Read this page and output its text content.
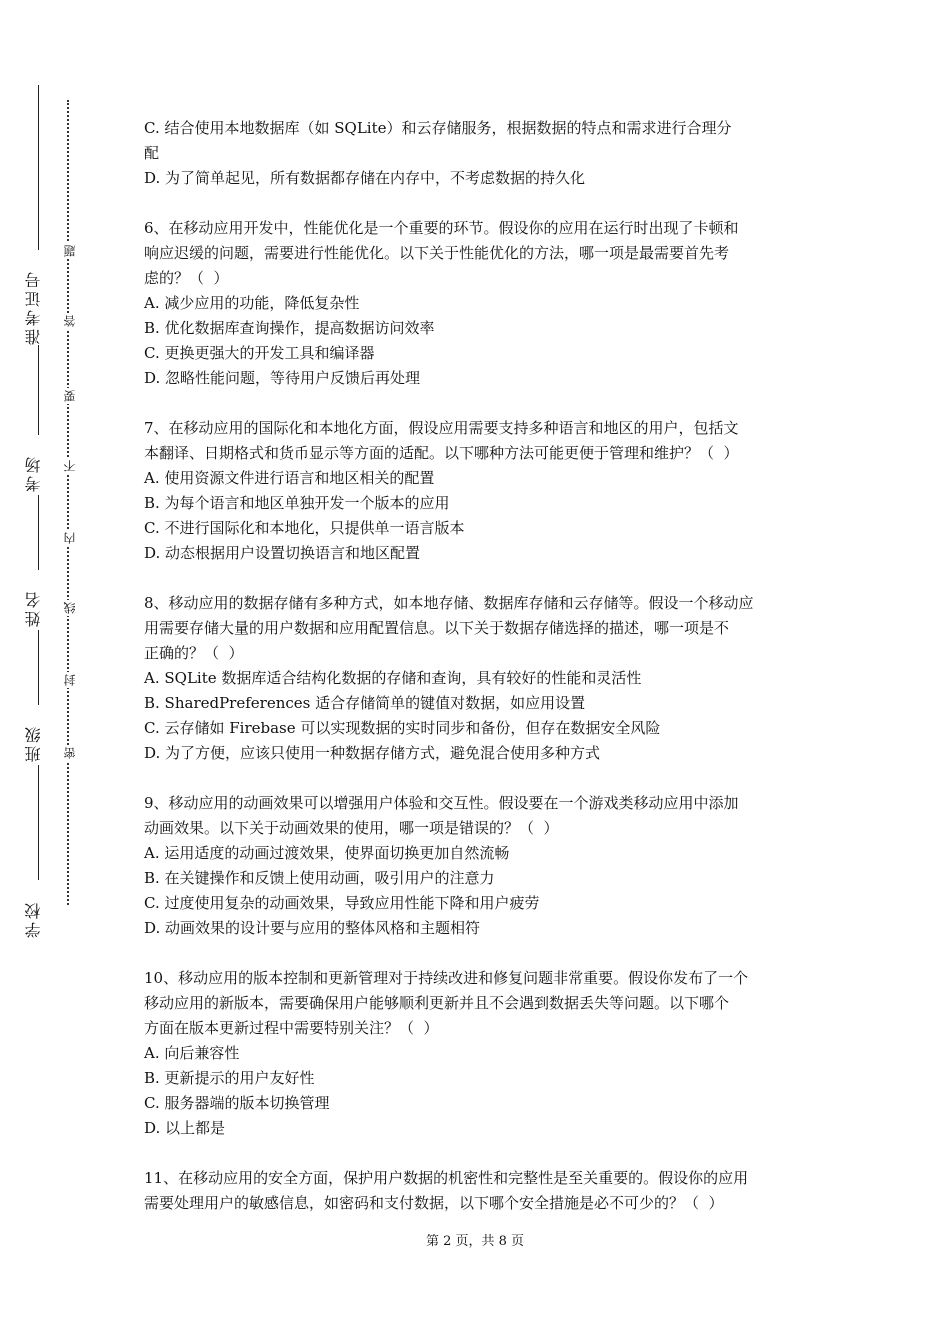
准考证号
考场
姓名
班级
学校
题
答
要
不
内
线
封
密
C. 结合使用本地数据库（如 SQLite）和云存储服务，根据数据的特点和需求进行合理分
配
D. 为了简单起见，所有数据都存储在内存中，不考虑数据的持久化
6、在移动应用开发中，性能优化是一个重要的环节。假设你的应用在运行时出现了卡顿和
响应迟缓的问题，需要进行性能优化。以下关于性能优化的方法，哪一项是最需要首先考
虑的？（  ）
A. 减少应用的功能，降低复杂性
B. 优化数据库查询操作，提高数据访问效率
C. 更换更强大的开发工具和编译器
D. 忽略性能问题，等待用户反馈后再处理
7、在移动应用的国际化和本地化方面，假设应用需要支持多种语言和地区的用户，包括文
本翻译、日期格式和货币显示等方面的适配。以下哪种方法可能更便于管理和维护？（  ）
A. 使用资源文件进行语言和地区相关的配置
B. 为每个语言和地区单独开发一个版本的应用
C. 不进行国际化和本地化，只提供单一语言版本
D. 动态根据用户设置切换语言和地区配置
8、移动应用的数据存储有多种方式，如本地存储、数据库存储和云存储等。假设一个移动应
用需要存储大量的用户数据和应用配置信息。以下关于数据存储选择的描述，哪一项是不
正确的？（  ）
A. SQLite 数据库适合结构化数据的存储和查询，具有较好的性能和灵活性
B. SharedPreferences 适合存储简单的键值对数据，如应用设置
C. 云存储如 Firebase 可以实现数据的实时同步和备份，但存在数据安全风险
D. 为了方便，应该只使用一种数据存储方式，避免混合使用多种方式
9、移动应用的动画效果可以增强用户体验和交互性。假设要在一个游戏类移动应用中添加
动画效果。以下关于动画效果的使用，哪一项是错误的？（  ）
A. 运用适度的动画过渡效果，使界面切换更加自然流畅
B. 在关键操作和反馈上使用动画，吸引用户的注意力
C. 过度使用复杂的动画效果，导致应用性能下降和用户疲劳
D. 动画效果的设计要与应用的整体风格和主题相符
10、移动应用的版本控制和更新管理对于持续改进和修复问题非常重要。假设你发布了一个
移动应用的新版本，需要确保用户能够顺利更新并且不会遇到数据丢失等问题。以下哪个
方面在版本更新过程中需要特别关注？（  ）
A. 向后兼容性
B. 更新提示的用户友好性
C. 服务器端的版本切换管理
D. 以上都是
11、在移动应用的安全方面，保护用户数据的机密性和完整性是至关重要的。假设你的应用
需要处理用户的敏感信息，如密码和支付数据，以下哪个安全措施是必不可少的？（  ）
第 2 页，共 8 页
